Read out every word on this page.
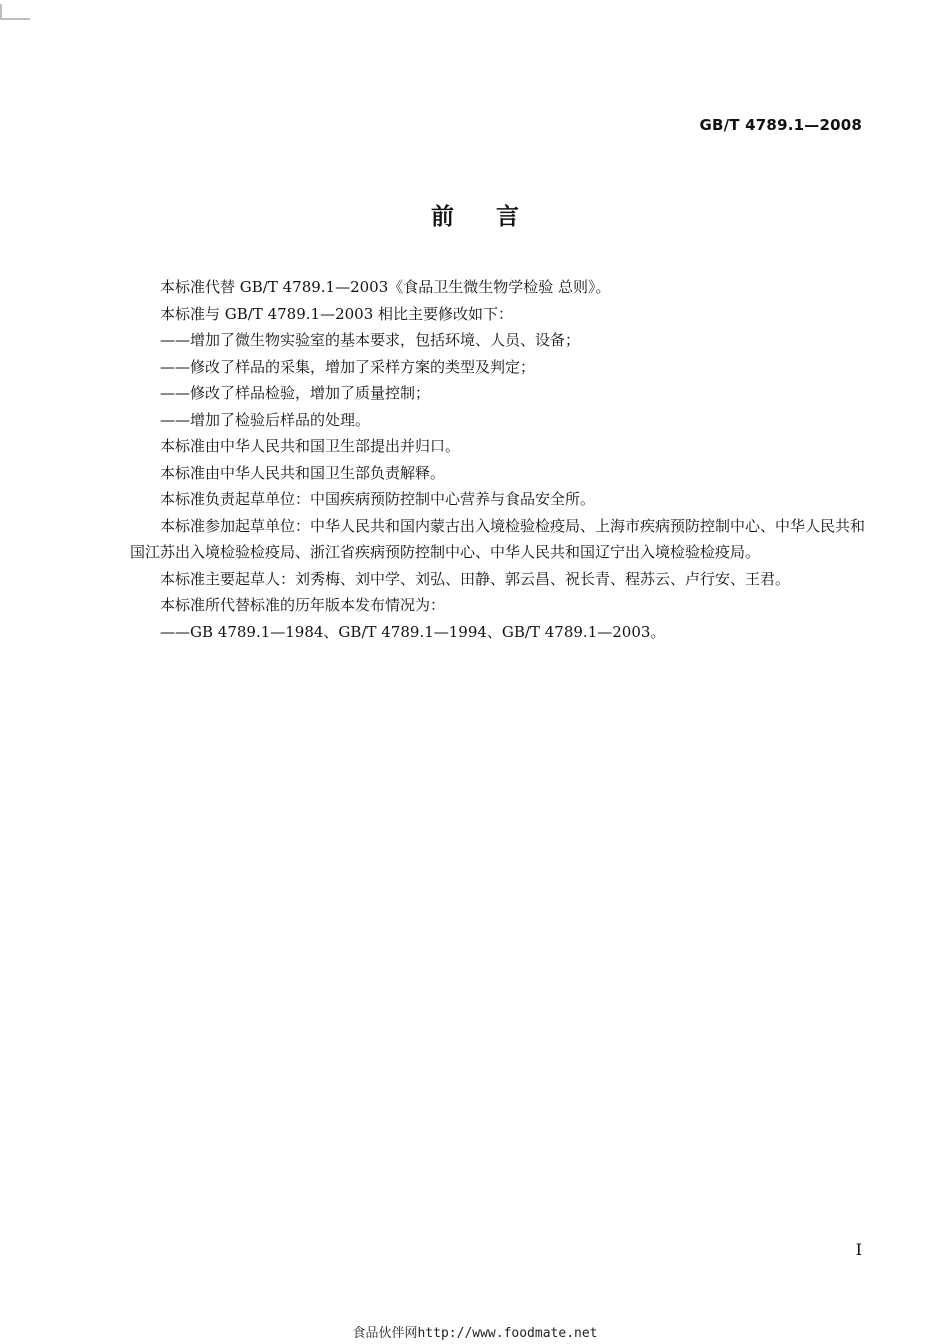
GB/T 4789.1—2008
前言

本标准代替 GB/T 4789.1—2003《食品卫生微生物学检验 总则》。

本标准与 GB/T 4789.1—2003 相比主要修改如下：

——增加了微生物实验室的基本要求，包括环境、人员、设备；

——修改了样品的采集，增加了采样方案的类型及判定；

——修改了样品检验，增加了质量控制；

——增加了检验后样品的处理。

本标准由中华人民共和国卫生部提出并归口。

本标准由中华人民共和国卫生部负责解释。

本标准负责起草单位：中国疾病预防控制中心营养与食品安全所。

本标准参加起草单位：中华人民共和国内蒙古出入境检验检疫局、上海市疾病预防控制中心、中华人民共和国江苏出入境检验检疫局、浙江省疾病预防控制中心、中华人民共和国辽宁出入境检验检疫局。

本标准主要起草人：刘秀梅、刘中学、刘弘、田静、郭云昌、祝长青、程苏云、卢行安、王君。

本标准所代替标准的历年版本发布情况为：

——GB 4789.1—1984、GB/T 4789.1—1994、GB/T 4789.1—2003。

I
食品伙伴网http://www.foodmate.net
